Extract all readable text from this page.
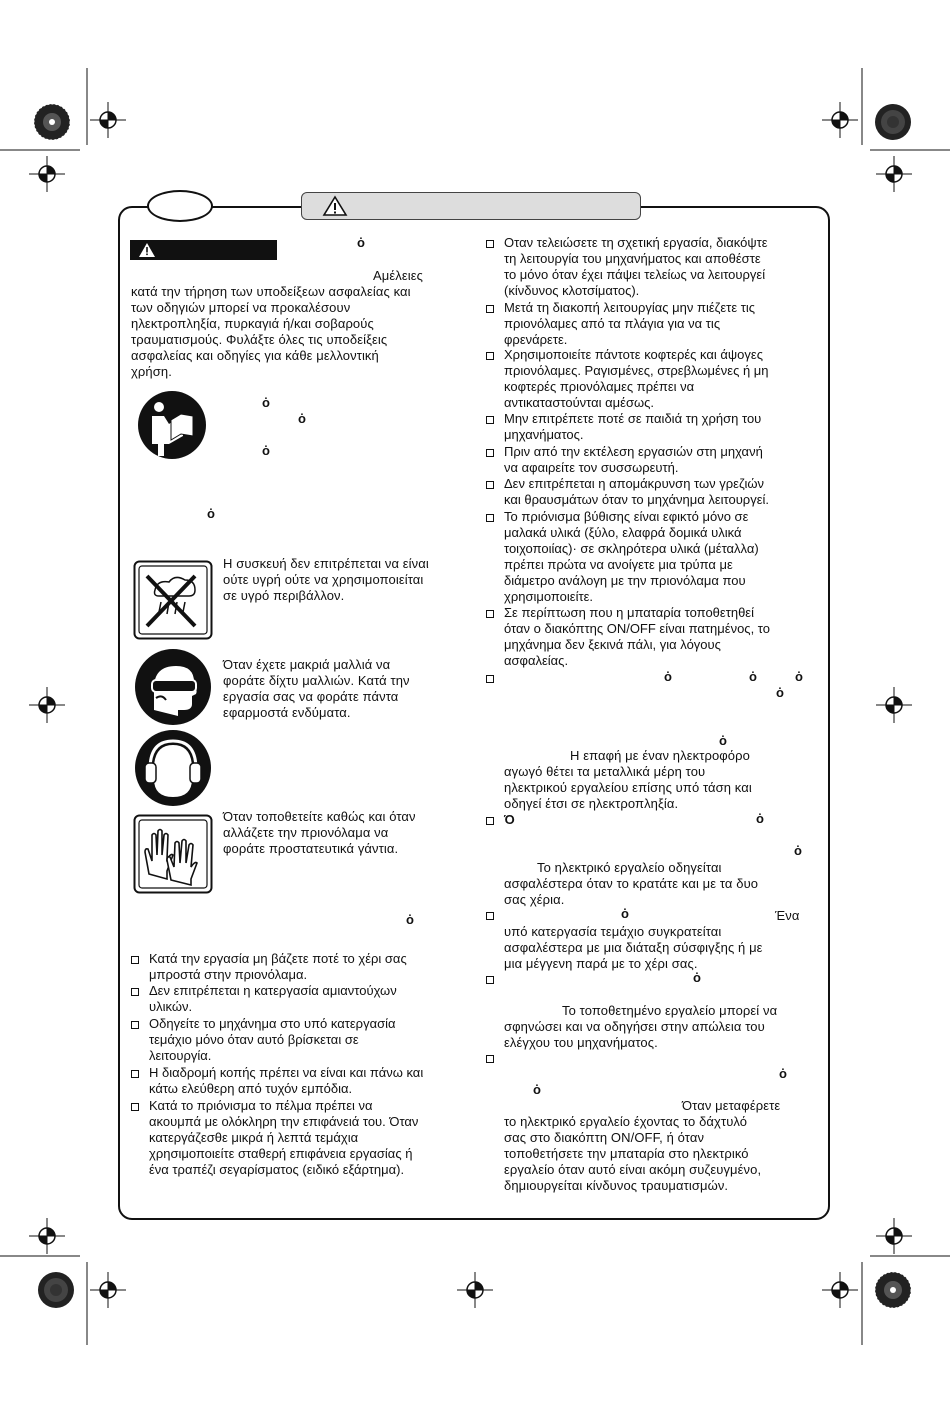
ȯ
Αμέλειες
κατά την τήρηση των υποδείξεων ασφαλείας και
των οδηγιών μπορεί να προκαλέσουν
ηλεκτροπληξία, πυρκαγιά ή/και σοβαρούς
τραυματισμούς. Φυλάξτε όλες τις υποδείξεις
ασφαλείας και οδηγίες για κάθε μελλοντική
χρήση.
ȯ
ȯ
ȯ
ȯ
Η συσκευή δεν επιτρέπεται να είναι
ούτε υγρή ούτε να χρησιμοποιείται
σε υγρό περιβάλλον.
Όταν έχετε μακριά μαλλιά να
φοράτε δίχτυ μαλλιών. Κατά την
εργασία σας να φοράτε πάντα
εφαρμοστά ενδύματα.
Όταν τοποθετείτε καθώς και όταν
αλλάζετε την πριονόλαμα να
φοράτε προστατευτικά γάντια.
ȯ
Κατά την εργασία μη βάζετε ποτέ το χέρι σας
μπροστά στην πριονόλαμα.
Δεν επιτρέπεται η κατεργασία αμιαντούχων
υλικών.
Οδηγείτε το μηχάνημα στο υπό κατεργασία
τεμάχιο μόνο όταν αυτό βρίσκεται σε
λειτουργία.
Η διαδρομή κοπής πρέπει να είναι και πάνω και
κάτω ελεύθερη από τυχόν εμπόδια.
Κατά το πριόνισμα το πέλμα πρέπει να
ακουμπά με ολόκληρη την επιφάνειά του. Όταν
κατεργάζεσθε μικρά ή λεπτά τεμάχια
χρησιμοποιείτε σταθερή επιφάνεια εργασίας ή
ένα τραπέζι σεγαρίσματος (ειδικό εξάρτημα).
Οταν τελειώσετε τη σχετική εργασία, διακόψτε
τη λειτουργία του μηχανήματος και αποθέστε
το μόνο όταν έχει πάψει τελείως να λειτουργεί
(κίνδυνος κλοτσίματος).
Μετά τη διακοπή λειτουργίας μην πιέζετε τις
πριονόλαμες από τα πλάγια για να τις
φρενάρετε.
Χρησιμοποιείτε πάντοτε κοφτερές και άψογες
πριονόλαμες. Ραγισμένες, στρεβλωμένες ή μη
κοφτερές πριονόλαμες πρέπει να
αντικαταστούνται αμέσως.
Μην επιτρέπετε ποτέ σε παιδιά τη χρήση του
μηχανήματος.
Πριν από την εκτέλεση εργασιών στη μηχανή
να αφαιρείτε τον συσσωρευτή.
Δεν επιτρέπεται η απομάκρυνση των γρεζιών
και θραυσμάτων όταν το μηχάνημα λειτουργεί.
Το πριόνισμα βύθισης είναι εφικτό μόνο σε
μαλακά υλικά (ξύλο, ελαφρά δομικά υλικά
τοιχοποιίας)· σε σκληρότερα υλικά (μέταλλα)
πρέπει πρώτα να ανοίγετε μια τρύπα με
διάμετρο ανάλογη με την πριονόλαμα που
χρησιμοποιείτε.
Σε περίπτωση που η μπαταρία τοποθετηθεί
όταν ο διακόπτης ON/OFF είναι πατημένος, το
μηχάνημα δεν ξεκινά πάλι, για λόγους
ασφαλείας.
ȯ	ȯ	ȯ
ȯ
ȯ
Η επαφή με έναν ηλεκτροφόρο
αγωγό θέτει τα μεταλλικά μέρη του
ηλεκτρικού εργαλείου επίσης υπό τάση και
οδηγεί έτσι σε ηλεκτροπληξία.
Ό	ȯ
ȯ
Το ηλεκτρικό εργαλείο οδηγείται
ασφαλέστερα όταν το κρατάτε και με τα δυο
σας χέρια.
ȯ	Ένα
υπό κατεργασία τεμάχιο συγκρατείται
ασφαλέστερα με μια διάταξη σύσφιγξης ή με
μια μέγγενη παρά με το χέρι σας.
ȯ
Το τοποθετημένο εργαλείο μπορεί να
σφηνώσει και να οδηγήσει στην απώλεια του
ελέγχου του μηχανήματος.
ȯ
ȯ
Όταν μεταφέρετε
το ηλεκτρικό εργαλείο έχοντας το δάχτυλό
σας στο διακόπτη ON/OFF, ή όταν
τοποθετήσετε την μπαταρία στο ηλεκτρικό
εργαλείο όταν αυτό είναι ακόμη συζευγμένο,
δημιουργείται κίνδυνος τραυματισμών.
